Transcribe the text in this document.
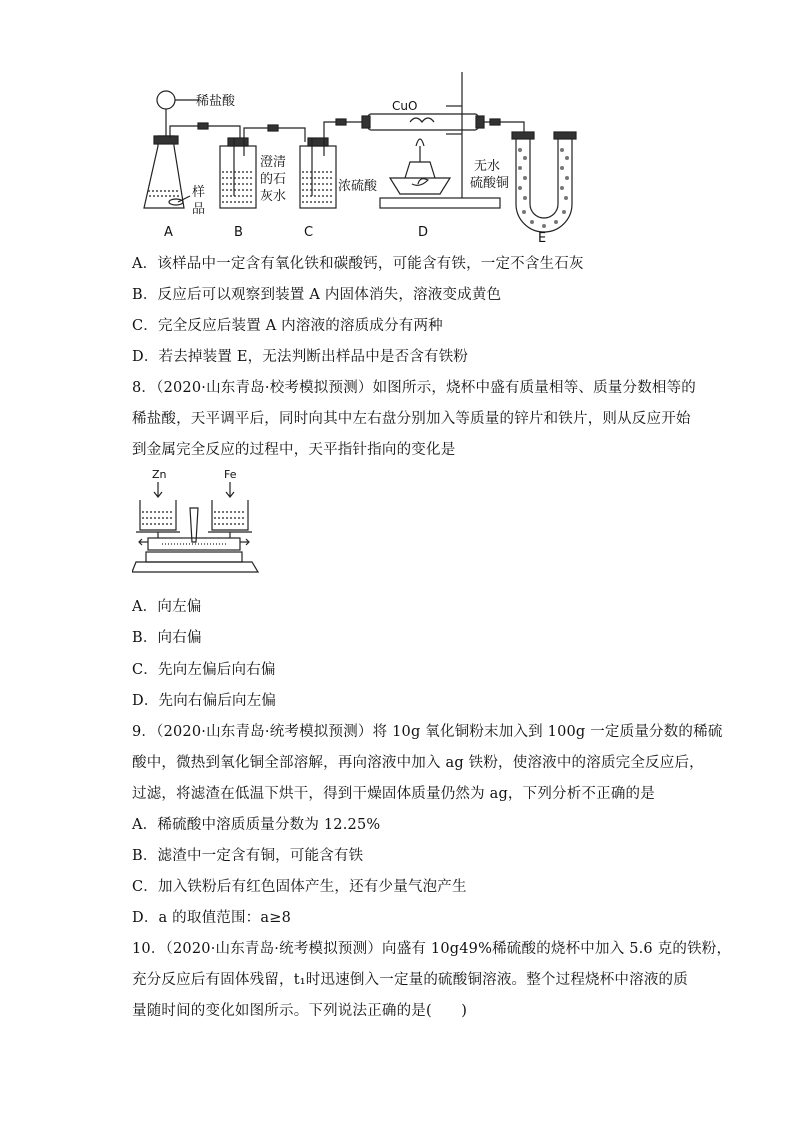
稀盐酸	CuO
样
品
澄清
的石
灰水
浓硫酸
无水
硫酸铜
A	B	C	D	E
A．该样品中一定含有氧化铁和碳酸钙，可能含有铁，一定不含生石灰
B．反应后可以观察到装置 A 内固体消失，溶液变成黄色
C．完全反应后装置 A 内溶液的溶质成分有两种
D．若去掉装置 E，无法判断出样品中是否含有铁粉
8．（2020·山东青岛·校考模拟预测）如图所示，烧杯中盛有质量相等、质量分数相等的
稀盐酸，天平调平后，同时向其中左右盘分别加入等质量的锌片和铁片，则从反应开始
到金属完全反应的过程中，天平指针指向的变化是
Zn	Fe
A．向左偏
B．向右偏
C．先向左偏后向右偏
D．先向右偏后向左偏
9．（2020·山东青岛·统考模拟预测）将 10g 氧化铜粉末加入到 100g 一定质量分数的稀硫
酸中，微热到氧化铜全部溶解，再向溶液中加入 ag 铁粉，使溶液中的溶质完全反应后，
过滤，将滤渣在低温下烘干，得到干燥固体质量仍然为 ag，下列分析不正确的是
A．稀硫酸中溶质质量分数为 12.25%
B．滤渣中一定含有铜，可能含有铁
C．加入铁粉后有红色固体产生，还有少量气泡产生
D．a 的取值范围：a≥8
10．（2020·山东青岛·统考模拟预测）向盛有 10g49%稀硫酸的烧杯中加入 5.6 克的铁粉，
充分反应后有固体残留，t₁时迅速倒入一定量的硫酸铜溶液。整个过程烧杯中溶液的质
量随时间的变化如图所示。下列说法正确的是(　　)
